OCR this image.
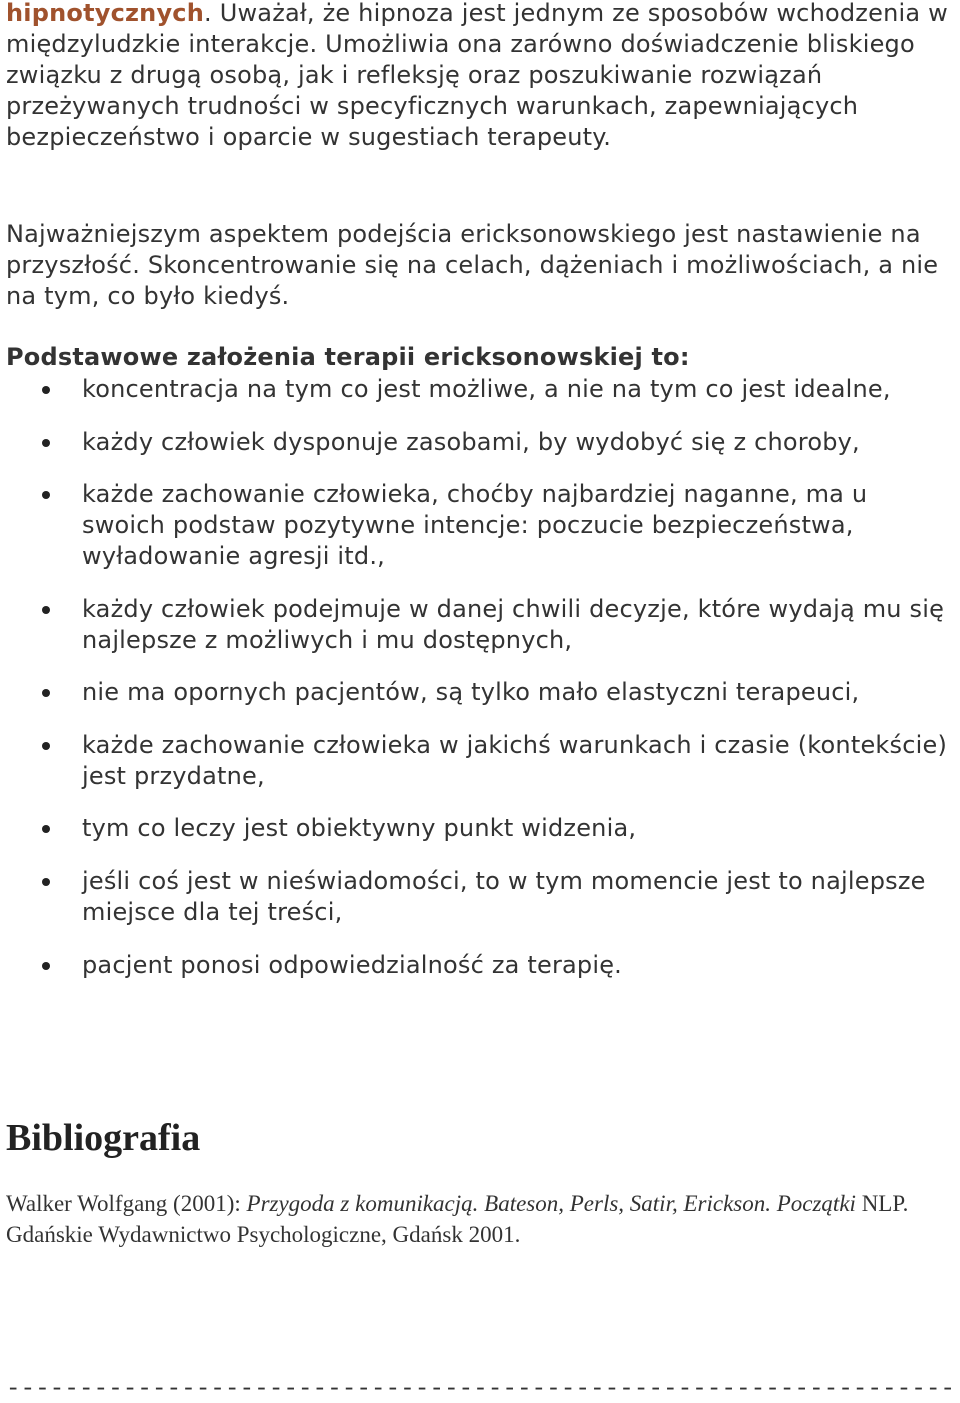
hipnotycznych. Uważał, że hipnoza jest jednym ze sposobów wchodzenia w międzyludzkie interakcje. Umożliwia ona zarówno doświadczenie bliskiego związku z drugą osobą, jak i refleksję oraz poszukiwanie rozwiązań przeżywanych trudności w specyficznych warunkach, zapewniających bezpieczeństwo i oparcie w sugestiach terapeuty.

Najważniejszym aspektem podejścia ericksonowskiego jest nastawienie na przyszłość. Skoncentrowanie się na celach, dążeniach i możliwościach, a nie na tym, co było kiedyś.

Podstawowe założenia terapii ericksonowskiej to:

koncentracja na tym co jest możliwe, a nie na tym co jest idealne,

każdy człowiek dysponuje zasobami, by wydobyć się z choroby,

każde zachowanie człowieka, choćby najbardziej naganne, ma u swoich podstaw pozytywne intencje: poczucie bezpieczeństwa, wyładowanie agresji itd.,

każdy człowiek podejmuje w danej chwili decyzje, które wydają mu się najlepsze z możliwych i mu dostępnych,

nie ma opornych pacjentów, są tylko mało elastyczni terapeuci,

każde zachowanie człowieka w jakichś warunkach i czasie (kontekście) jest przydatne,

tym co leczy jest obiektywny punkt widzenia,

jeśli coś jest w nieświadomości, to w tym momencie jest to najlepsze miejsce dla tej treści,

pacjent ponosi odpowiedzialność za terapię.

Bibliografia

Walker Wolfgang (2001): Przygoda z komunikacją. Bateson, Perls, Satir, Erickson. Początki NLP. Gdańskie Wydawnictwo Psychologiczne, Gdańsk 2001.

-----------------------------------------------------------------
